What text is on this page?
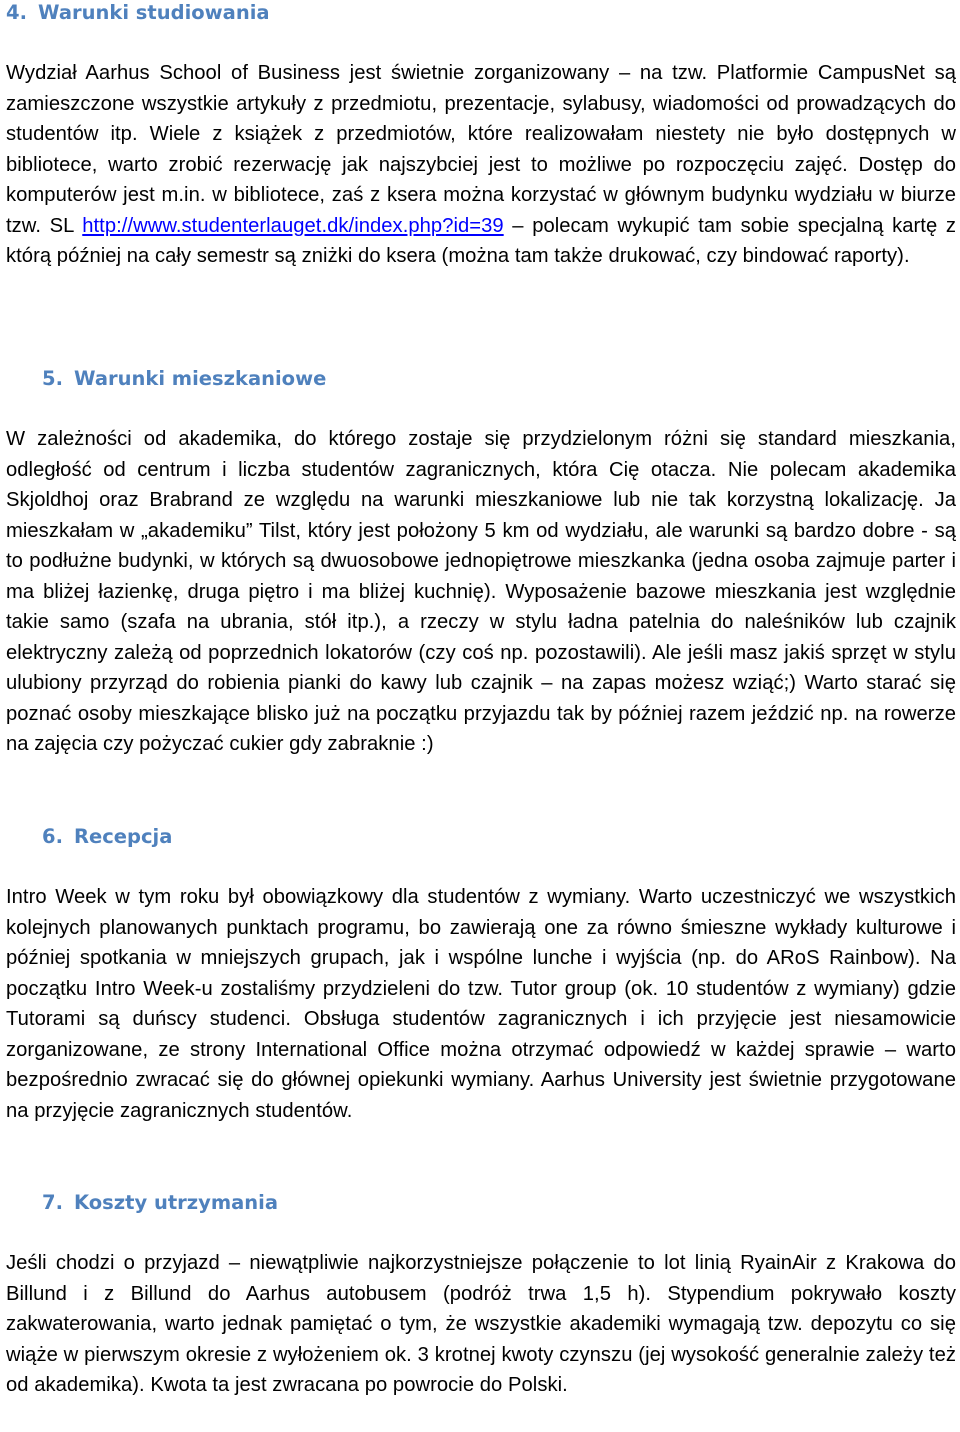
4. Warunki studiowania

Wydział Aarhus School of Business jest świetnie zorganizowany – na tzw. Platformie CampusNet są zamieszczone wszystkie artykuły z przedmiotu, prezentacje, sylabusy, wiadomości od prowadzących do studentów itp. Wiele z książek z przedmiotów, które realizowałam niestety nie było dostępnych w bibliotece, warto zrobić rezerwację jak najszybciej jest to możliwe po rozpoczęciu zajęć. Dostęp do komputerów jest m.in. w bibliotece, zaś z ksera można korzystać w głównym budynku wydziału w biurze tzw. SL http://www.studenterlauget.dk/index.php?id=39 – polecam wykupić tam sobie specjalną kartę z którą później na cały semestr są zniżki do ksera (można tam także drukować, czy bindować raporty).

5. Warunki mieszkaniowe

W zależności od akademika, do którego zostaje się przydzielonym różni się standard mieszkania, odległość od centrum i liczba studentów zagranicznych, która Cię otacza. Nie polecam akademika Skjoldhoj oraz Brabrand ze względu na warunki mieszkaniowe lub nie tak korzystną lokalizację. Ja mieszkałam w „akademiku” Tilst, który jest położony 5 km od wydziału, ale warunki są bardzo dobre - są to podłużne budynki, w których są dwuosobowe jednopiętrowe mieszkanka (jedna osoba zajmuje parter i ma bliżej łazienkę, druga piętro i ma bliżej kuchnię). Wyposażenie bazowe mieszkania jest względnie takie samo (szafa na ubrania, stół itp.), a rzeczy w stylu ładna patelnia do naleśników lub czajnik elektryczny zależą od poprzednich lokatorów (czy coś np. pozostawili). Ale jeśli masz jakiś sprzęt w stylu ulubiony przyrząd do robienia pianki do kawy lub czajnik – na zapas możesz wziąć;) Warto starać się poznać osoby mieszkające blisko już na początku przyjazdu tak by później razem jeździć np. na rowerze na zajęcia czy pożyczać cukier gdy zabraknie :)

6. Recepcja

Intro Week w tym roku był obowiązkowy dla studentów z wymiany. Warto uczestniczyć we wszystkich kolejnych planowanych punktach programu, bo zawierają one za równo śmieszne wykłady kulturowe i później spotkania w mniejszych grupach, jak i wspólne lunche i wyjścia (np. do ARoS Rainbow). Na początku Intro Week-u zostaliśmy przydzieleni do tzw. Tutor group (ok. 10 studentów z wymiany) gdzie Tutorami są duńscy studenci. Obsługa studentów zagranicznych i ich przyjęcie jest niesamowicie zorganizowane, ze strony International Office można otrzymać odpowiedź w każdej sprawie – warto bezpośrednio zwracać się do głównej opiekunki wymiany. Aarhus University jest świetnie przygotowane na przyjęcie zagranicznych studentów.

7. Koszty utrzymania

Jeśli chodzi o przyjazd – niewątpliwie najkorzystniejsze połączenie to lot linią RyainAir z Krakowa do Billund i z Billund do Aarhus autobusem (podróż trwa 1,5 h). Stypendium pokrywało koszty zakwaterowania, warto jednak pamiętać o tym, że wszystkie akademiki wymagają tzw. depozytu co się wiąże w pierwszym okresie z wyłożeniem ok. 3 krotnej kwoty czynszu (jej wysokość generalnie zależy też od akademika). Kwota ta jest zwracana po powrocie do Polski.
